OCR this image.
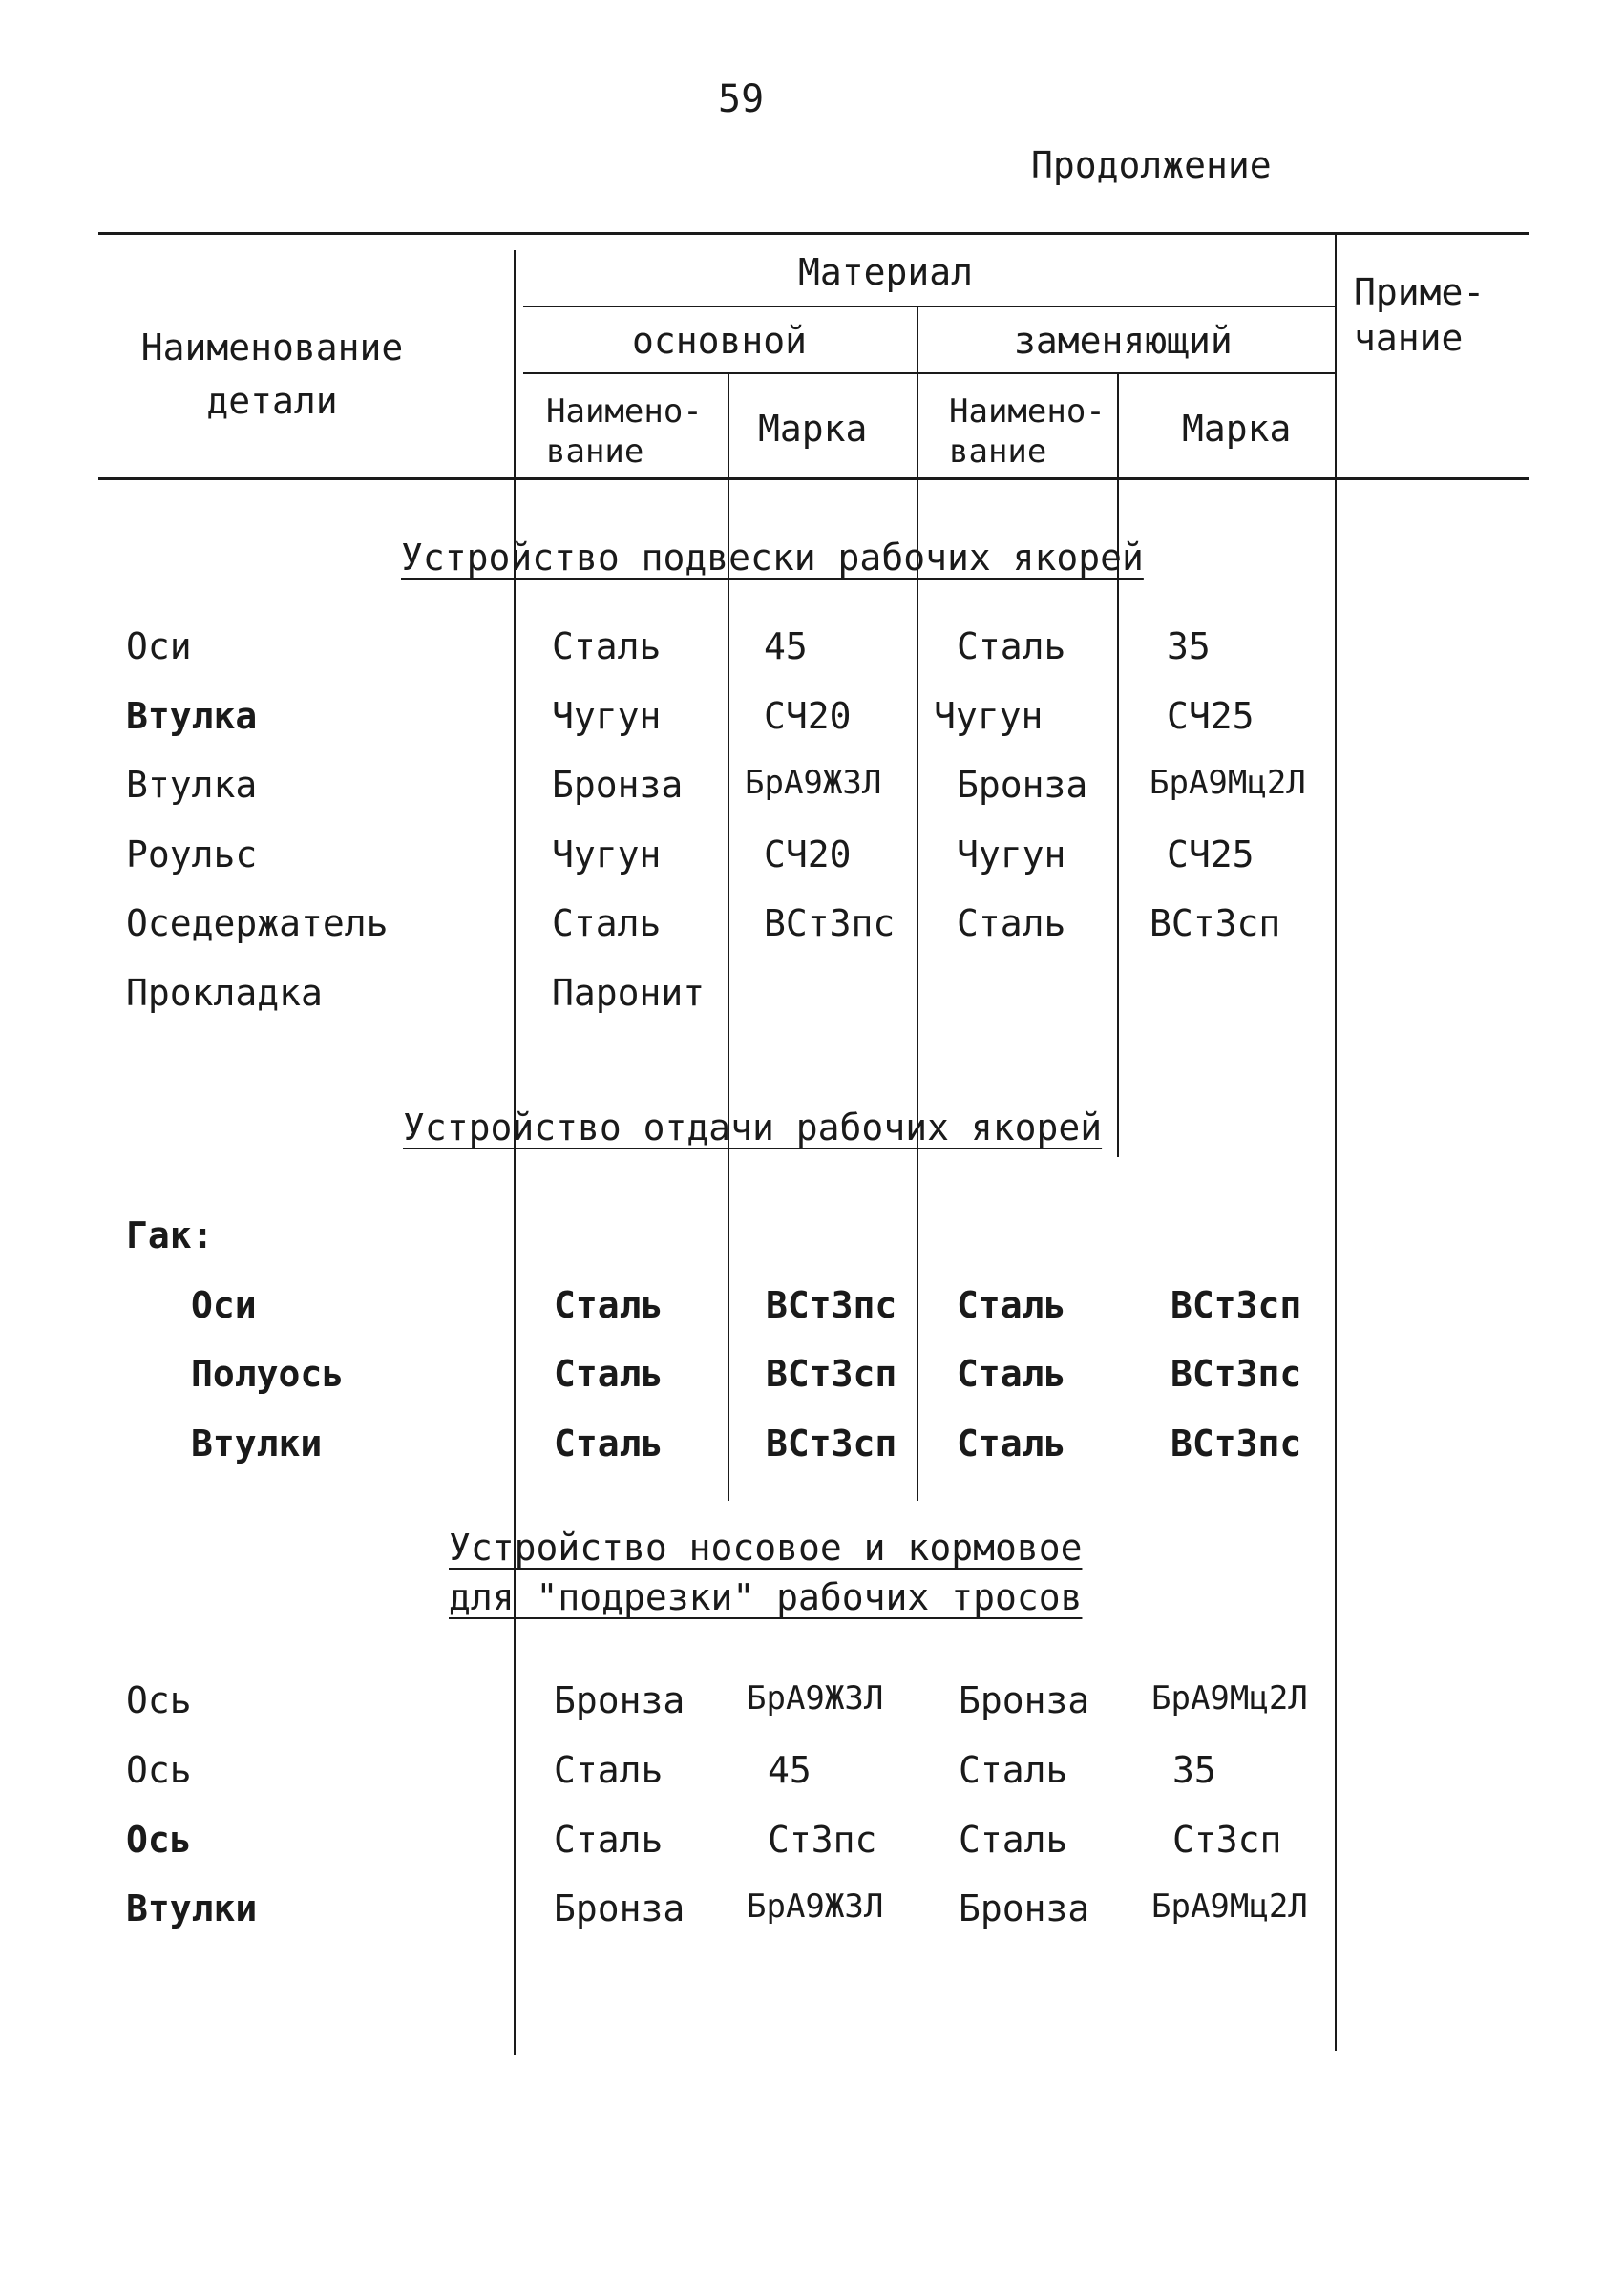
59
Продолжение
Наименование детали
Материал
основной	заменяющий
Наимено-вание
Марка	Наимено-вание
Марка
Приме-чание
Устройство подвески рабочих якорей
Оси	Сталь	45	Сталь	35
Втулка	Чугун	СЧ20 Чугун	СЧ25
Втулка	Бронза БрА9Ж3Л Бронза БрА9Мц2Л
Роульс	Чугун	СЧ20	Чугун	СЧ25
Оседержатель	Сталь	ВСт3пс Сталь ВСт3сп
Прокладка	Паронит
Устройство отдачи рабочих якорей
Гак:
Оси	Сталь	ВСт3пс Сталь	ВСт3сп
Полуось	Сталь	ВСт3сп Сталь	ВСт3пс
Втулки	Сталь	ВСт3сп Сталь	ВСт3пс
Устройство носовое и кормовое
для "подрезки" рабочих тросов
Ось	Бронза БрА9Ж3Л Бронза БрА9Мц2Л
Ось	Сталь	45	Сталь	35
Ось	Сталь	Ст3пс Сталь	Ст3сп
Втулки	Бронза БрА9Ж3Л Бронза БрА9Мц2Л
